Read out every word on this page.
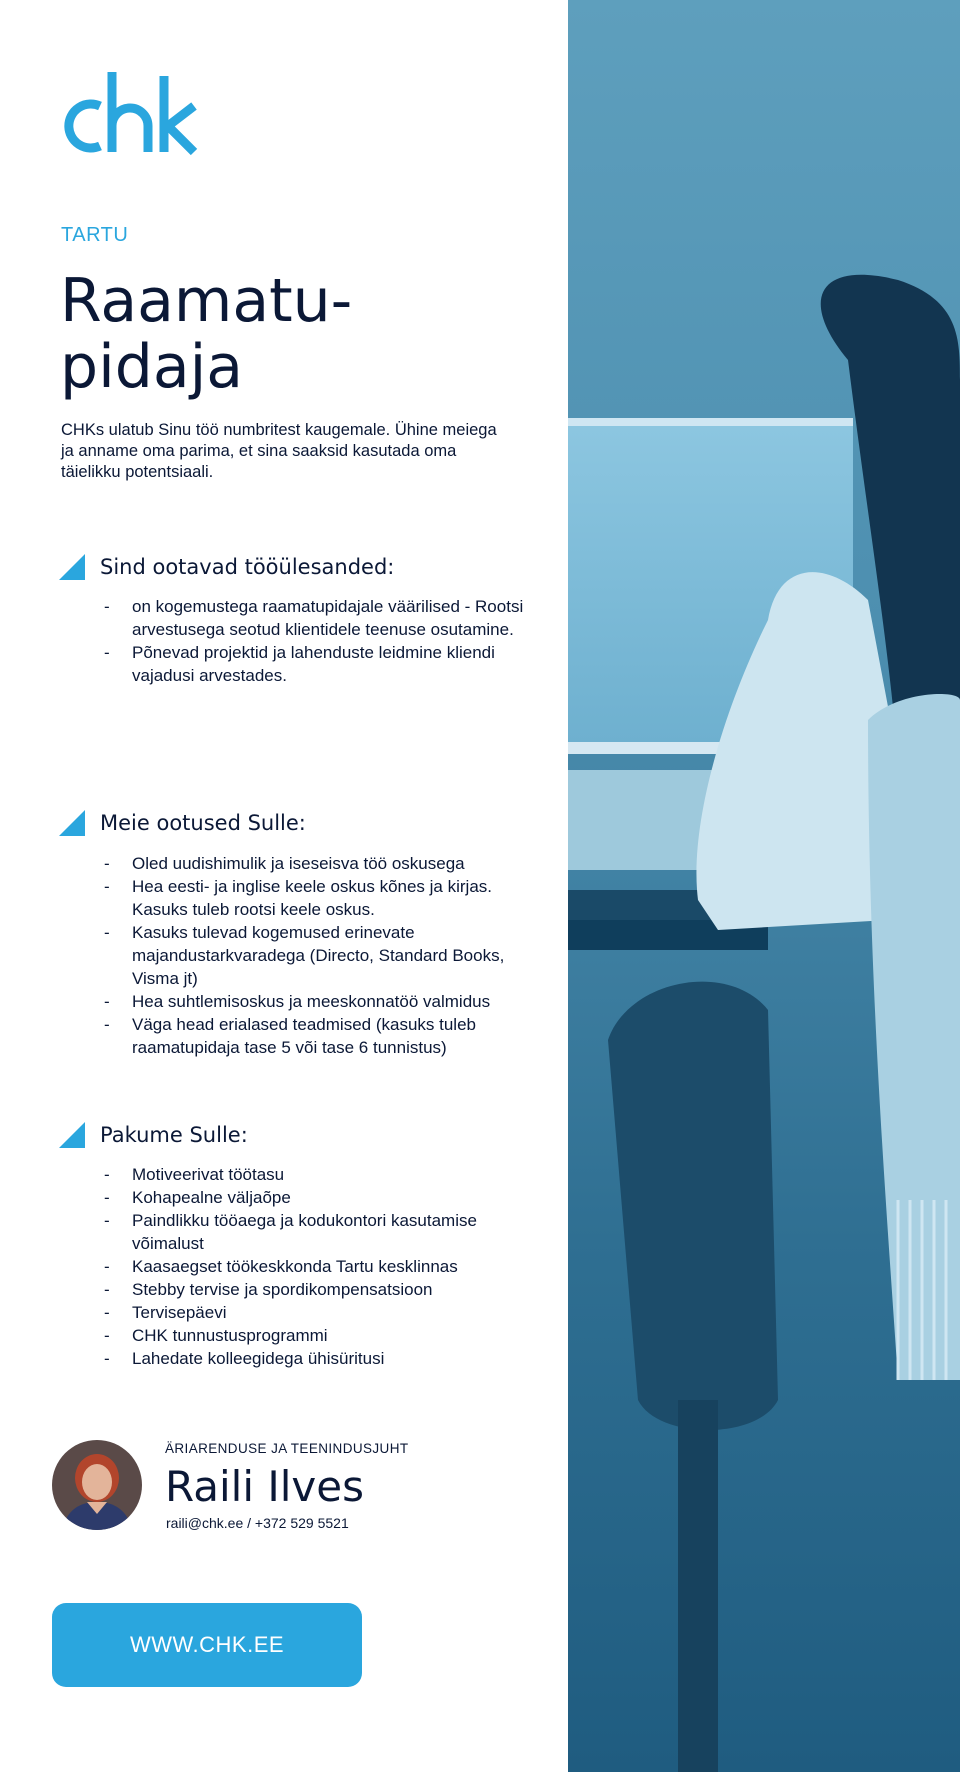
TARTU
Raamatu-
pidaja
CHKs ulatub Sinu töö numbritest kaugemale. Ühine meiega ja anname oma parima, et sina saaksid kasutada oma täielikku potentsiaali.
Sind ootavad tööülesanded:
- on kogemustega raamatupidajale väärilised - Rootsi arvestusega seotud klientidele teenuse osutamine.
- Põnevad projektid ja lahenduste leidmine kliendi vajadusi arvestades.
Meie ootused Sulle:
- Oled uudishimulik ja iseseisva töö oskusega
- Hea eesti- ja inglise keele oskus kõnes ja kirjas. Kasuks tuleb rootsi keele oskus.
- Kasuks tulevad kogemused erinevate majandustarkvaradega (Directo, Standard Books, Visma jt)
- Hea suhtlemisoskus ja meeskonnatöö valmidus
- Väga head erialased teadmised (kasuks tuleb raamatupidaja tase 5 või tase 6 tunnistus)
Pakume Sulle:
- Motiveerivat töötasu
- Kohapealne väljaõpe
- Paindlikku tööaega ja kodukontori kasutamise võimalust
- Kaasaegset töökeskkonda Tartu kesklinnas
- Stebby tervise ja spordikompensatsioon
- Tervisepäevi
- CHK tunnustusprogrammi
- Lahedate kolleegidega ühisüritusi
ÄRIARENDUSE JA TEENINDUSJUHT
Raili Ilves
raili@chk.ee / +372 529 5521
WWW.CHK.EE
